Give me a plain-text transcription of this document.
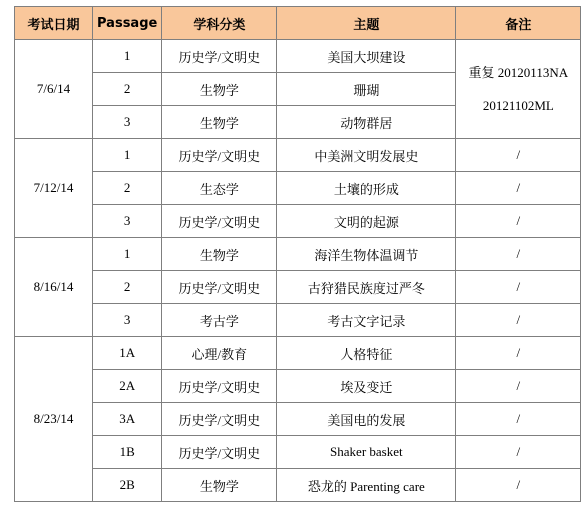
考试日期	Passage	学科分类	主题	备注
7/6/14	1	历史学/文明史	美国大坝建设	重复 20120113NA
20121102ML

	2	生物学	珊瑚	
	3	生物学	动物群居	
7/12/14	1	历史学/文明史	中美洲文明发展史	/
	2	生态学	土壤的形成	/
	3	历史学/文明史	文明的起源	/
8/16/14	1	生物学	海洋生物体温调节	/
	2	历史学/文明史	古狩猎民族度过严冬	/
	3	考古学	考古文字记录	/
8/23/14	1A	心理/教育	人格特征	/
	2A	历史学/文明史	埃及变迁	/
	3A	历史学/文明史	美国电的发展	/
	1B	历史学/文明史	Shaker basket	/
	2B	生物学	恐龙的 Parenting care	/
